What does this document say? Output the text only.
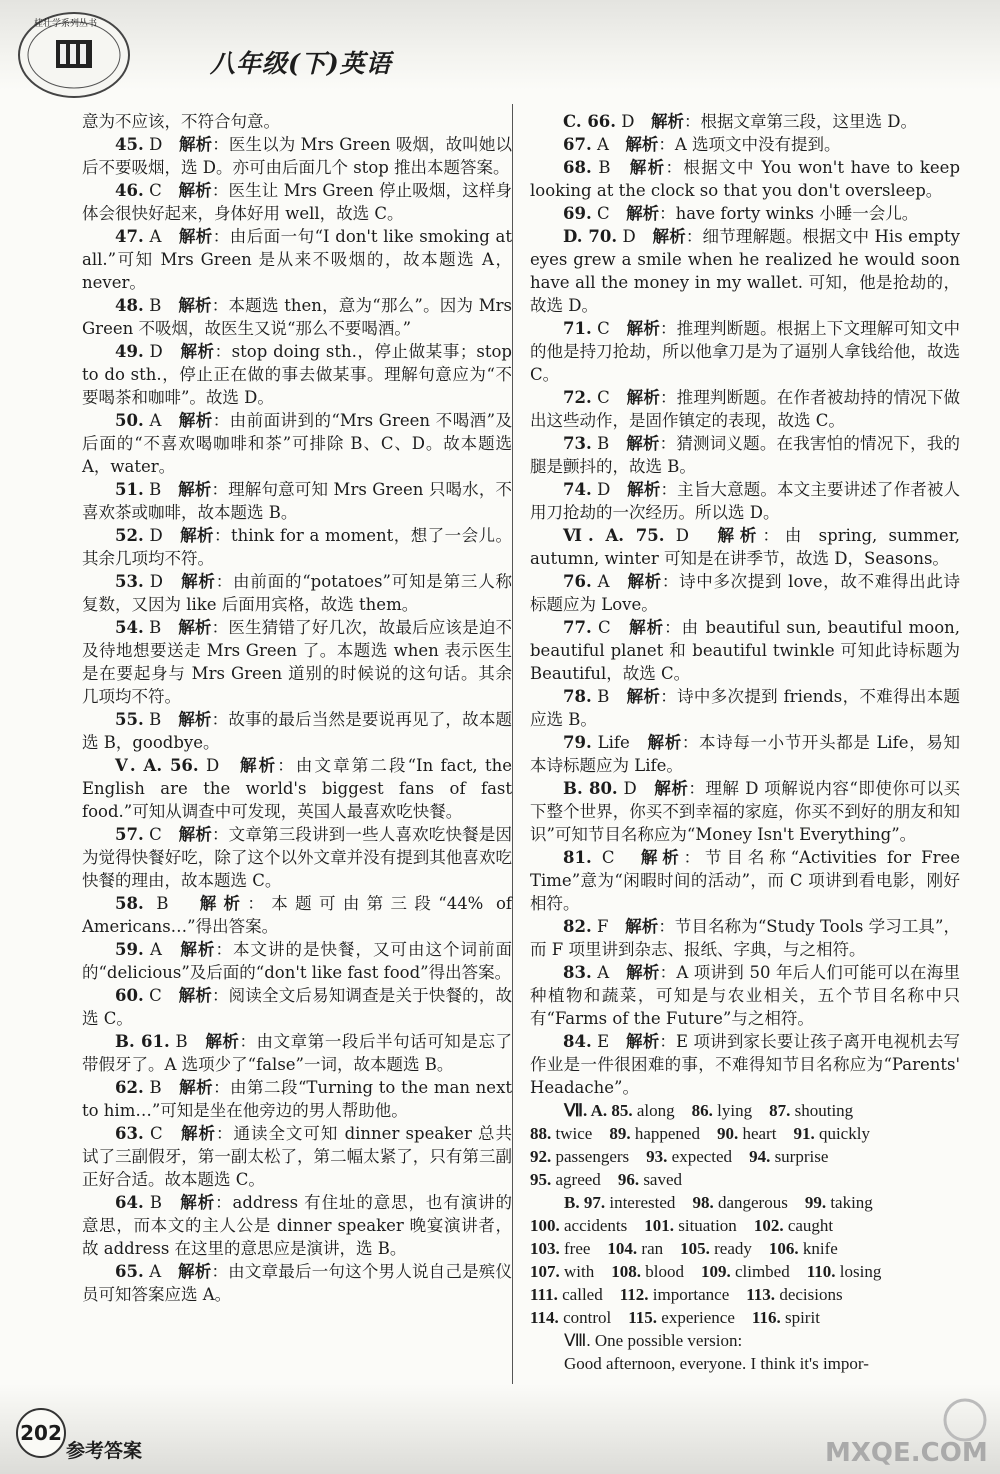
桂壮学系列丛书
八年级(下)英语
意为不应该，不符合句意。
45. D　 解析：医生以为 Mrs Green 吸烟，故叫她以后不要吸烟，选 D。亦可由后面几个 stop 推出本题答案。
46. C　 解析：医生让 Mrs Green 停止吸烟，这样身体会很快好起来，身体好用 well，故选 C。
47. A　 解析：由后面一句“I don't like smoking at all.”可知 Mrs Green 是从来不吸烟的，故本题选 A，never。
48. B　 解析：本题选 then，意为“那么”。因为 Mrs Green 不吸烟，故医生又说“那么不要喝酒。”
49. D　 解析：stop doing sth.，停止做某事；stop to do sth.，停止正在做的事去做某事。理解句意应为“不要喝茶和咖啡”。故选 D。
50. A　 解析：由前面讲到的“Mrs Green 不喝酒”及后面的“不喜欢喝咖啡和茶”可排除 B、C、D。故本题选 A，water。
51. B　 解析：理解句意可知 Mrs Green 只喝水，不喜欢茶或咖啡，故本题选 B。
52. D　 解析：think for a moment，想了一会儿。其余几项均不符。
53. D　 解析：由前面的“potatoes”可知是第三人称复数，又因为 like 后面用宾格，故选 them。
54. B　 解析：医生猜错了好几次，故最后应该是迫不及待地想要送走 Mrs Green 了。本题选 when 表示医生是在要起身与 Mrs Green 道别的时候说的这句话。其余几项均不符。
55. B　 解析：故事的最后当然是要说再见了，故本题选 B，goodbye。
Ⅴ. A. 56. D　 解析：由文章第二段“In fact, the English are the world's biggest fans of fast food.”可知从调查中可发现，英国人最喜欢吃快餐。
57. C　 解析：文章第三段讲到一些人喜欢吃快餐是因为觉得快餐好吃，除了这个以外文章并没有提到其他喜欢吃快餐的理由，故本题选 C。
58. B　 解析：本题可由第三段“44% of Americans…”得出答案。
59. A　 解析：本文讲的是快餐，又可由这个词前面的“delicious”及后面的“don't like fast food”得出答案。
60. C　 解析：阅读全文后易知调查是关于快餐的，故选 C。
B. 61. B　 解析：由文章第一段后半句话可知是忘了带假牙了。A 选项少了“false”一词，故本题选 B。
62. B　 解析：由第二段“Turning to the man next to him…”可知是坐在他旁边的男人帮助他。
63. C　 解析：通读全文可知 dinner speaker 总共试了三副假牙，第一副太松了，第二幅太紧了，只有第三副正好合适。故本题选 C。
64. B　 解析：address 有住址的意思，也有演讲的意思，而本文的主人公是 dinner speaker 晚宴演讲者，故 address 在这里的意思应是演讲，选 B。
65. A　 解析：由文章最后一句这个男人说自己是殡仪员可知答案应选 A。
C. 66. D　 解析：根据文章第三段，这里选 D。
67. A　 解析：A 选项文中没有提到。
68. B　 解析：根据文中 You won't have to keep looking at the clock so that you don't oversleep。
69. C　 解析：have forty winks 小睡一会儿。
D. 70. D　 解析：细节理解题。根据文中 His empty eyes grew a smile when he realized he would soon have all the money in my wallet. 可知，他是抢劫的，故选 D。
71. C　 解析：推理判断题。根据上下文理解可知文中的他是持刀抢劫，所以他拿刀是为了逼别人拿钱给他，故选 C。
72. C　 解析：推理判断题。在作者被劫持的情况下做出这些动作，是固作镇定的表现，故选 C。
73. B　 解析：猜测词义题。在我害怕的情况下，我的腿是颤抖的，故选 B。
74. D　 解析：主旨大意题。本文主要讲述了作者被人用刀抢劫的一次经历。所以选 D。
Ⅵ. A. 75. D　 解析：由 spring, summer, autumn, winter 可知是在讲季节，故选 D，Seasons。
76. A　 解析：诗中多次提到 love，故不难得出此诗标题应为 Love。
77. C　 解析：由 beautiful sun, beautiful moon, beautiful planet 和 beautiful twinkle 可知此诗标题为 Beautiful，故选 C。
78. B　 解析：诗中多次提到 friends，不难得出本题应选 B。
79. Life　 解析：本诗每一小节开头都是 Life，易知本诗标题应为 Life。
B. 80. D　 解析：理解 D 项解说内容“即使你可以买下整个世界，你买不到幸福的家庭，你买不到好的朋友和知识”可知节目名称应为“Money Isn't Everything”。
81. C　 解析：节目名称“Activities for Free Time”意为“闲暇时间的活动”，而 C 项讲到看电影，刚好相符。
82. F　 解析：节目名称为“Study Tools 学习工具”，而 F 项里讲到杂志、报纸、字典，与之相符。
83. A　 解析：A 项讲到 50 年后人们可能可以在海里种植物和蔬菜，可知是与农业相关，五个节目名称中只有“Farms of the Future”与之相符。
84. E　 解析：E 项讲到家长要让孩子离开电视机去写作业是一件很困难的事，不难得知节目名称应为“Parents' Headache”。
Ⅶ. A. 85. along　 86. lying　 87. shouting　
88. twice　 89. happened　 90. heart　 91. quickly　
92. passengers　 93. expected　 94. surprise　
95. agreed　 96. saved　
B. 97. interested　 98. dangerous　 99. taking　
100. accidents　 101. situation　 102. caught　
103. free　 104. ran　 105. ready　 106. knife　
107. with　 108. blood　 109. climbed　 110. losing　
111. called　 112. importance　 113. decisions　
114. control　 115. experience　 116. spirit　
Ⅷ. One possible version:
Good afternoon, everyone. I think it's impor-
202
参考答案	MXQE.COM
